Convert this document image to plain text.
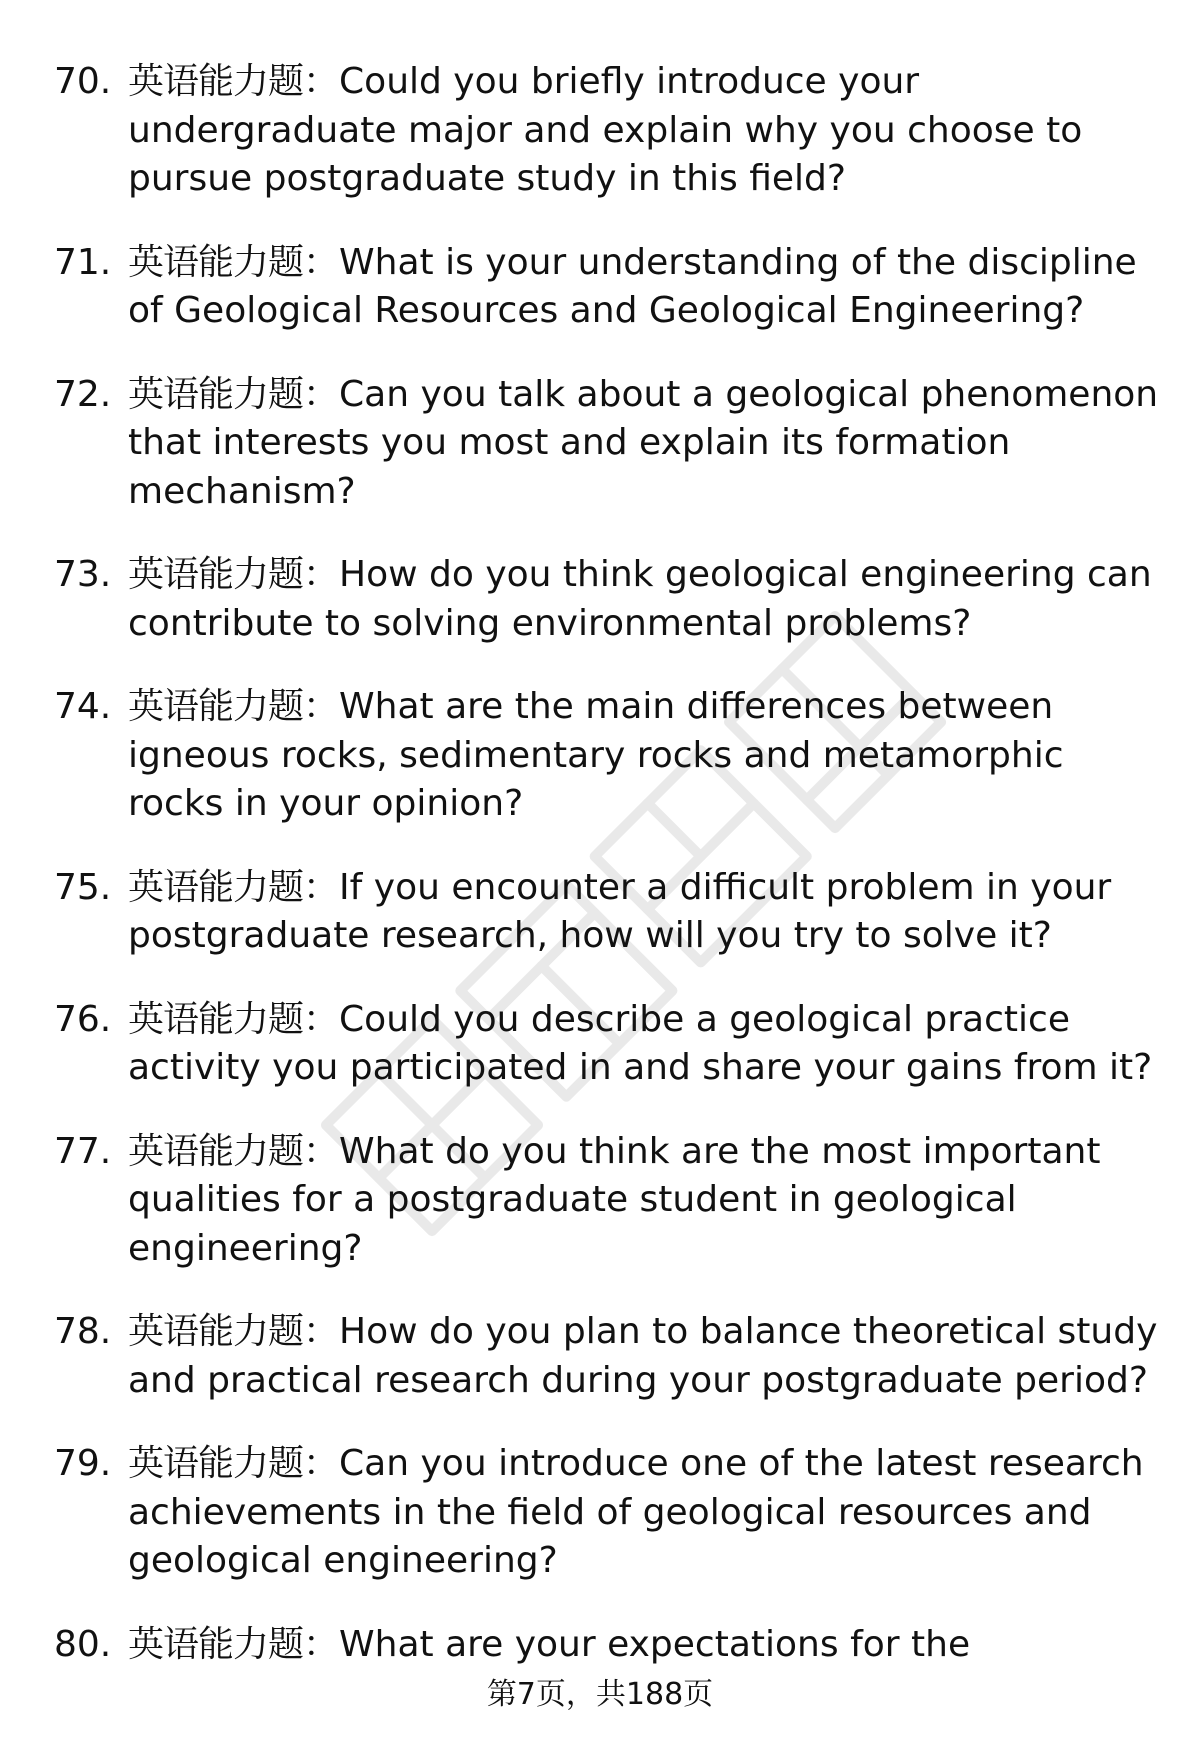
70. 英语能力题：Could you briefly introduce your undergraduate major and explain why you choose to pursue postgraduate study in this field?
71. 英语能力题：What is your understanding of the discipline of Geological Resources and Geological Engineering?
72. 英语能力题：Can you talk about a geological phenomenon that interests you most and explain its formation mechanism?
73. 英语能力题：How do you think geological engineering can contribute to solving environmental problems?
74. 英语能力题：What are the main differences between igneous rocks, sedimentary rocks and metamorphic rocks in your opinion?
75. 英语能力题：If you encounter a difficult problem in your postgraduate research, how will you try to solve it?
76. 英语能力题：Could you describe a geological practice activity you participated in and share your gains from it?
77. 英语能力题：What do you think are the most important qualities for a postgraduate student in geological engineering?
78. 英语能力题：How do you plan to balance theoretical study and practical research during your postgraduate period?
79. 英语能力题：Can you introduce one of the latest research achievements in the field of geological resources and geological engineering?
80. 英语能力题：What are your expectations for the
第7页，共188页
